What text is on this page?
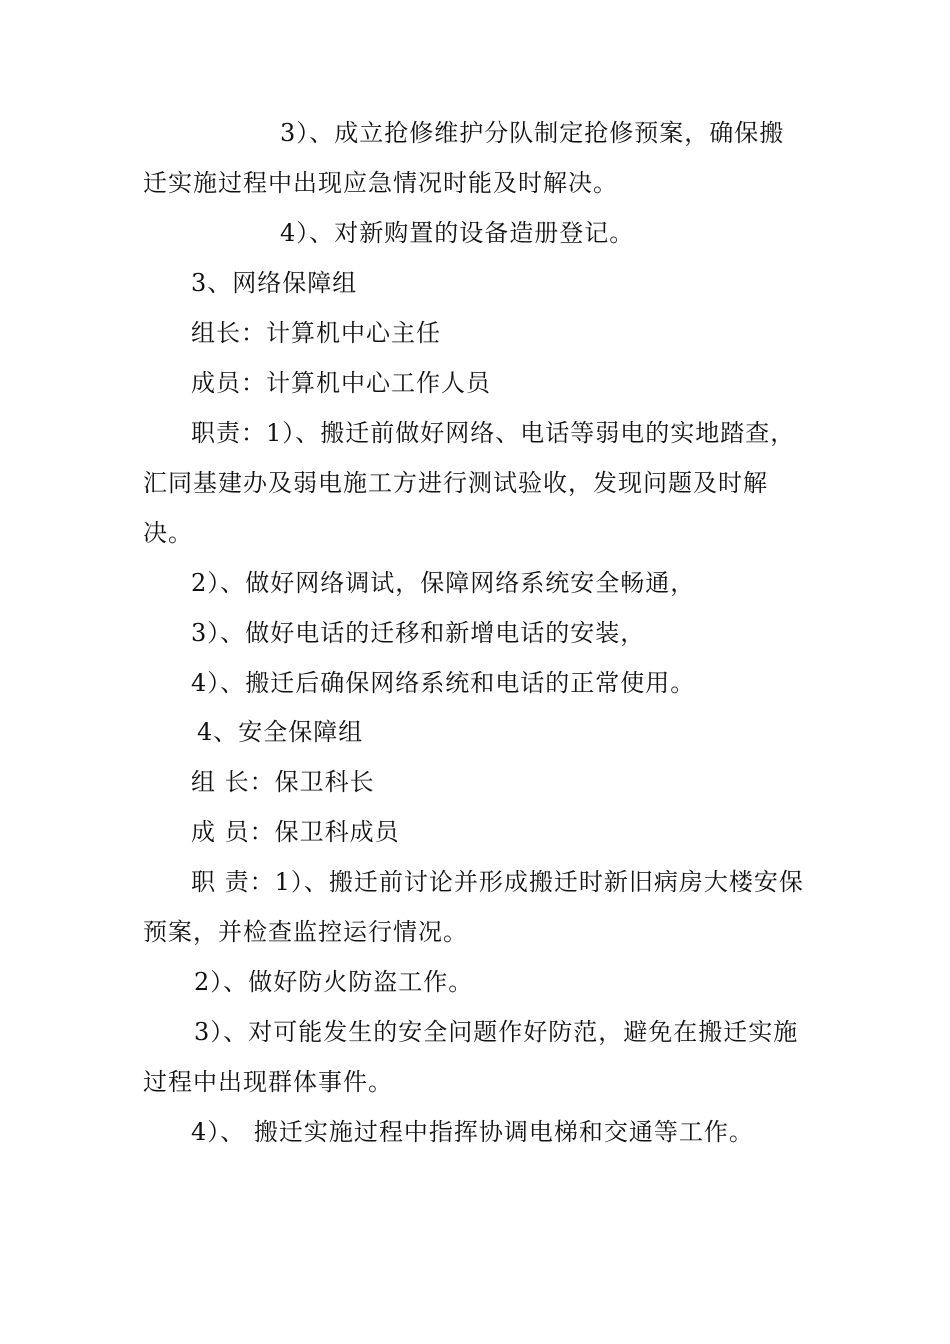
3）、成立抢修维护分队制定抢修预案，确保搬
迁实施过程中出现应急情况时能及时解决。
4）、对新购置的设备造册登记。
3、网络保障组
组长：计算机中心主任
成员：计算机中心工作人员
职责：1）、搬迁前做好网络、电话等弱电的实地踏查，
汇同基建办及弱电施工方进行测试验收，发现问题及时解
决。
2）、做好网络调试，保障网络系统安全畅通，
3）、做好电话的迁移和新增电话的安装，
4）、搬迁后确保网络系统和电话的正常使用。
4、安全保障组
组 长：保卫科长
成 员：保卫科成员
职 责：1）、搬迁前讨论并形成搬迁时新旧病房大楼安保
预案，并检查监控运行情况。
2）、做好防火防盗工作。
3）、对可能发生的安全问题作好防范，避免在搬迁实施
过程中出现群体事件。
4）、 搬迁实施过程中指挥协调电梯和交通等工作。
